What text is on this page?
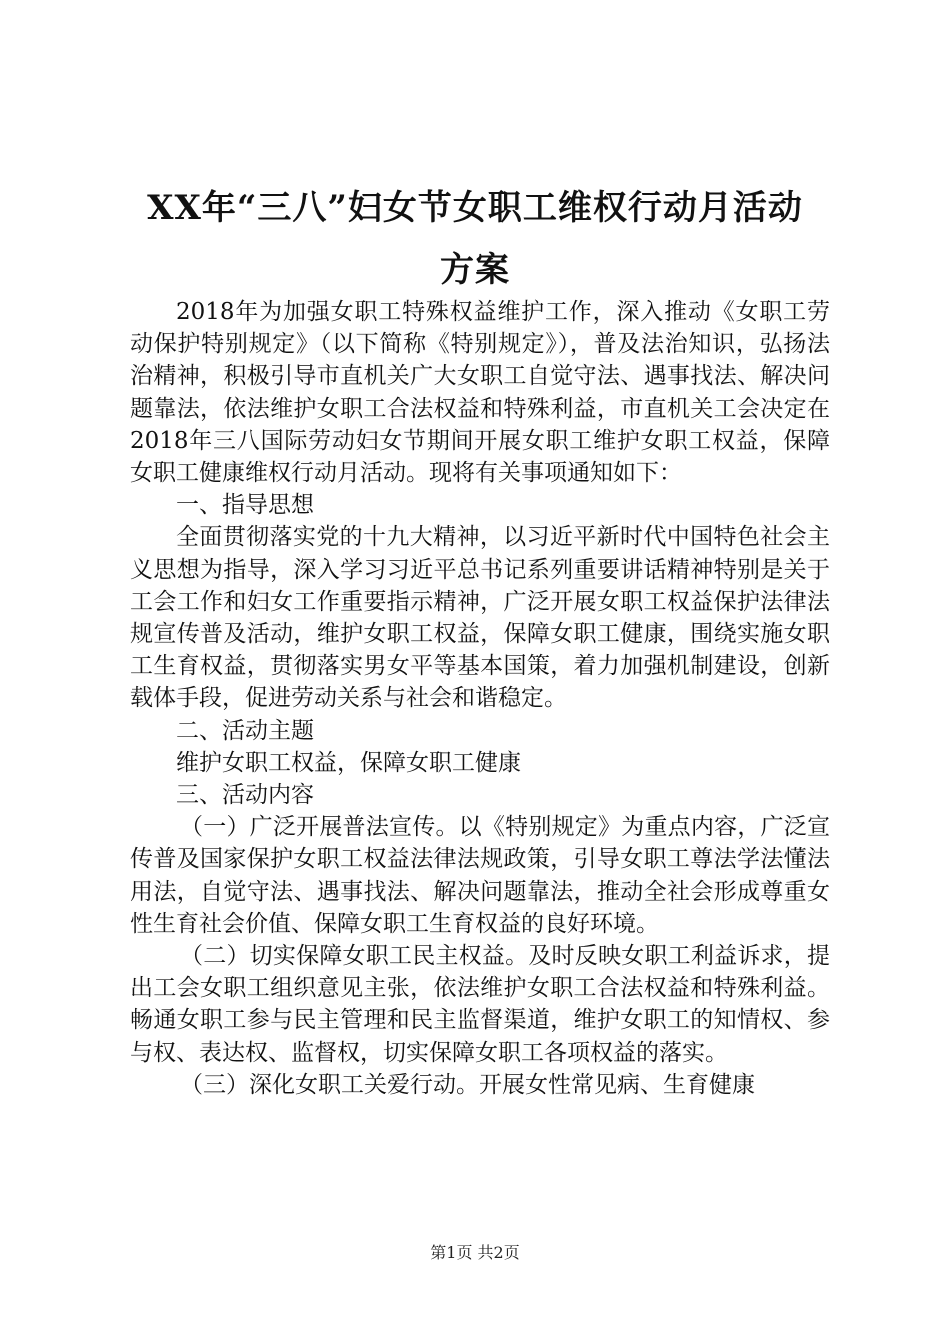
XX年“三八”妇女节女职工维权行动月活动
方案

2018年为加强女职工特殊权益维护工作，深入推动《女职工劳动保护特别规定》（以下简称《特别规定》），普及法治知识，弘扬法治精神，积极引导市直机关广大女职工自觉守法、遇事找法、解决问题靠法，依法维护女职工合法权益和特殊利益，市直机关工会决定在2018年三八国际劳动妇女节期间开展女职工维护女职工权益，保障女职工健康维权行动月活动。现将有关事项通知如下：

一、指导思想

全面贯彻落实党的十九大精神，以习近平新时代中国特色社会主义思想为指导，深入学习习近平总书记系列重要讲话精神特别是关于工会工作和妇女工作重要指示精神，广泛开展女职工权益保护法律法规宣传普及活动，维护女职工权益，保障女职工健康，围绕实施女职工生育权益，贯彻落实男女平等基本国策，着力加强机制建设，创新载体手段，促进劳动关系与社会和谐稳定。

二、活动主题

维护女职工权益，保障女职工健康

三、活动内容

（一）广泛开展普法宣传。以《特别规定》为重点内容，广泛宣传普及国家保护女职工权益法律法规政策，引导女职工尊法学法懂法用法，自觉守法、遇事找法、解决问题靠法，推动全社会形成尊重女性生育社会价值、保障女职工生育权益的良好环境。

（二）切实保障女职工民主权益。及时反映女职工利益诉求，提出工会女职工组织意见主张，依法维护女职工合法权益和特殊利益。畅通女职工参与民主管理和民主监督渠道，维护女职工的知情权、参与权、表达权、监督权，切实保障女职工各项权益的落实。

（三）深化女职工关爱行动。开展女性常见病、生育健康

第1页 共2页
